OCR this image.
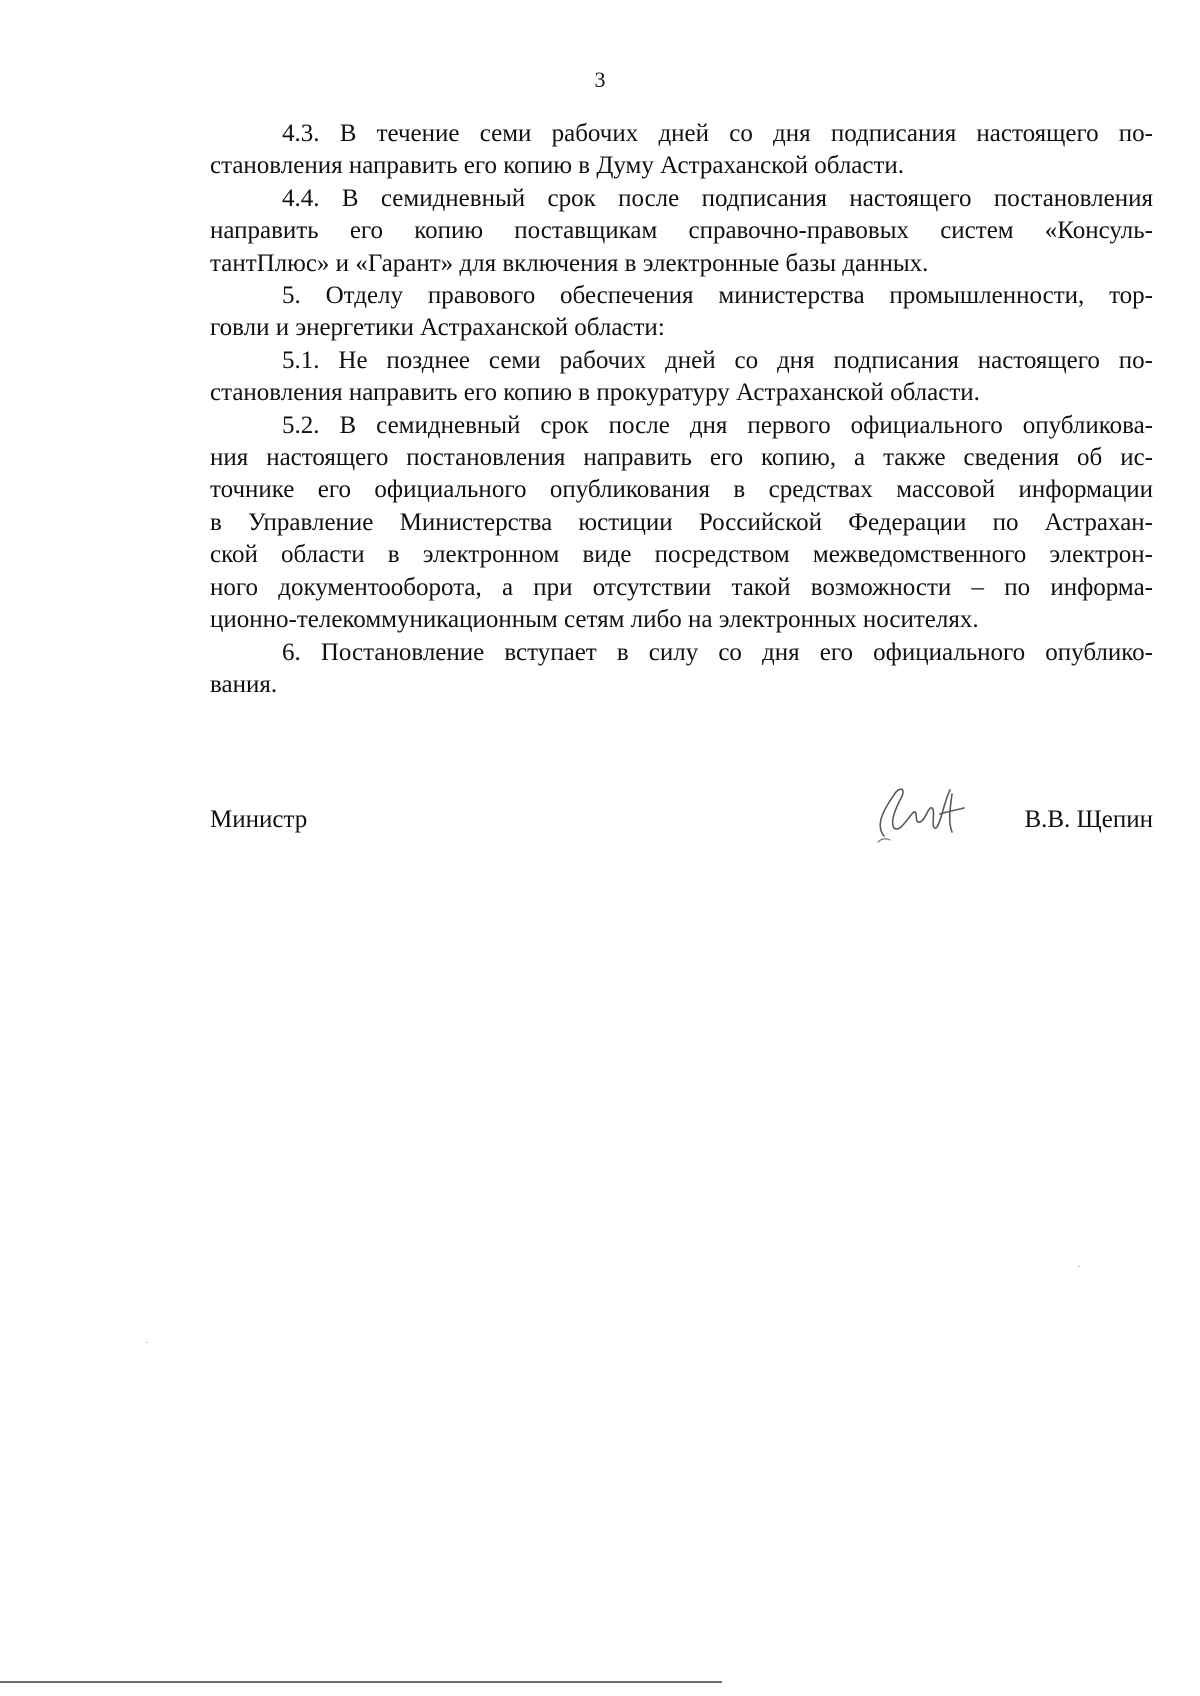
3

4.3. В течение семи рабочих дней со дня подписания настоящего по-
становления направить его копию в Думу Астраханской области.

4.4. В семидневный срок после подписания настоящего постановления
направить его копию поставщикам справочно-правовых систем «Консуль-
тантПлюс» и «Гарант» для включения в электронные базы данных.

5. Отделу правового обеспечения министерства промышленности, тор-
говли и энергетики Астраханской области:

5.1. Не позднее семи рабочих дней со дня подписания настоящего по-
становления направить его копию в прокуратуру Астраханской области.

5.2. В семидневный срок после дня первого официального опубликова-
ния настоящего постановления направить его копию, а также сведения об ис-
точнике его официального опубликования в средствах массовой информации
в Управление Министерства юстиции Российской Федерации по Астрахан-
ской области в электронном виде посредством межведомственного электрон-
ного документооборота, а при отсутствии такой возможности – по информа-
ционно-телекоммуникационным сетям либо на электронных носителях.

6. Постановление вступает в силу со дня его официального опублико-
вания.

Министр	В.В. Щепин
